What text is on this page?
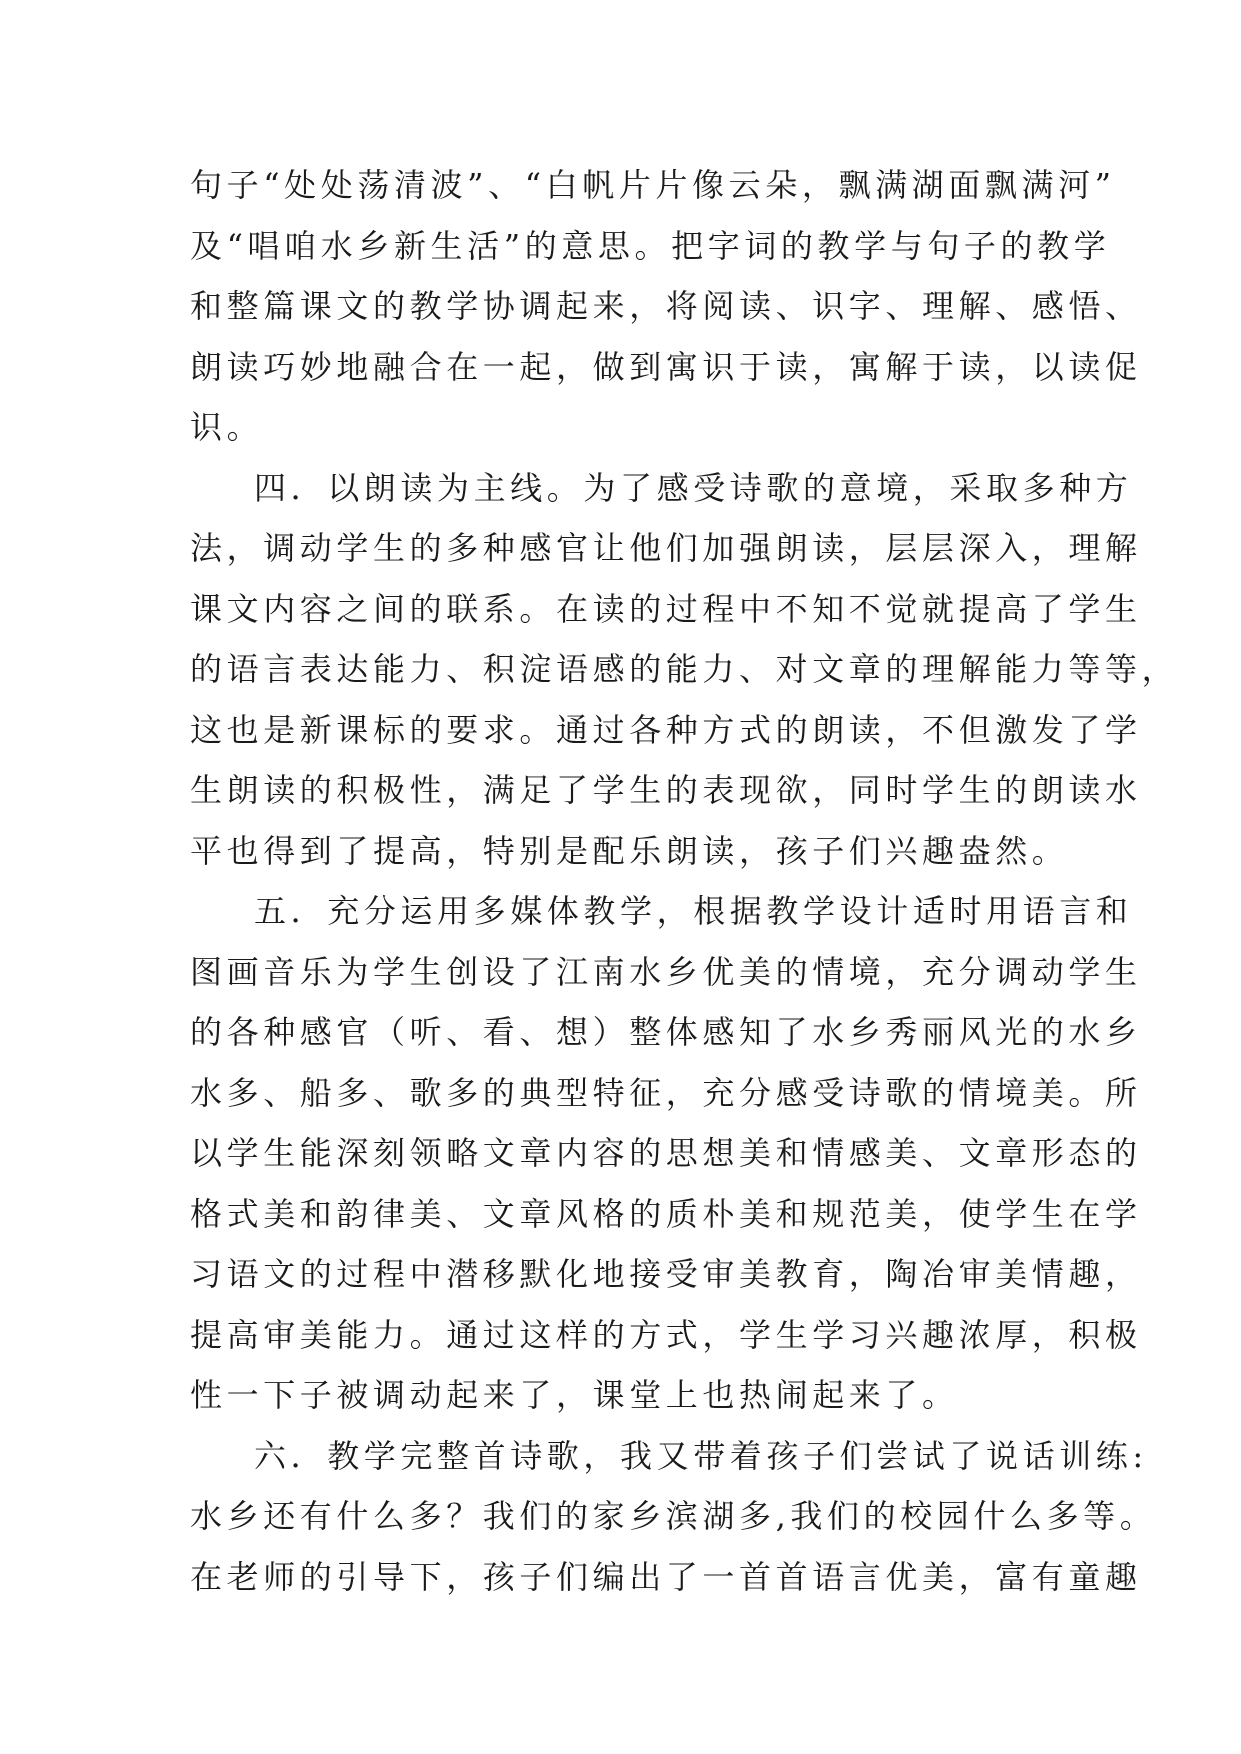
句子“处处荡清波”、“白帆片片像云朵，飘满湖面飘满河”
及“唱咱水乡新生活”的意思。把字词的教学与句子的教学
和整篇课文的教学协调起来，将阅读、识字、理解、感悟、
朗读巧妙地融合在一起，做到寓识于读，寓解于读，以读促
识。
四．以朗读为主线。为了感受诗歌的意境，采取多种方
法，调动学生的多种感官让他们加强朗读，层层深入，理解
课文内容之间的联系。在读的过程中不知不觉就提高了学生
的语言表达能力、积淀语感的能力、对文章的理解能力等等，
这也是新课标的要求。通过各种方式的朗读，不但激发了学
生朗读的积极性，满足了学生的表现欲，同时学生的朗读水
平也得到了提高，特别是配乐朗读，孩子们兴趣盎然。
五．充分运用多媒体教学，根据教学设计适时用语言和
图画音乐为学生创设了江南水乡优美的情境，充分调动学生
的各种感官（听、看、想）整体感知了水乡秀丽风光的水乡
水多、船多、歌多的典型特征，充分感受诗歌的情境美。所
以学生能深刻领略文章内容的思想美和情感美、文章形态的
格式美和韵律美、文章风格的质朴美和规范美，使学生在学
习语文的过程中潜移默化地接受审美教育，陶冶审美情趣，
提高审美能力。通过这样的方式，学生学习兴趣浓厚，积极
性一下子被调动起来了，课堂上也热闹起来了。
六．教学完整首诗歌，我又带着孩子们尝试了说话训练:
水乡还有什么多？我们的家乡滨湖多,我们的校园什么多等。
在老师的引导下，孩子们编出了一首首语言优美，富有童趣
